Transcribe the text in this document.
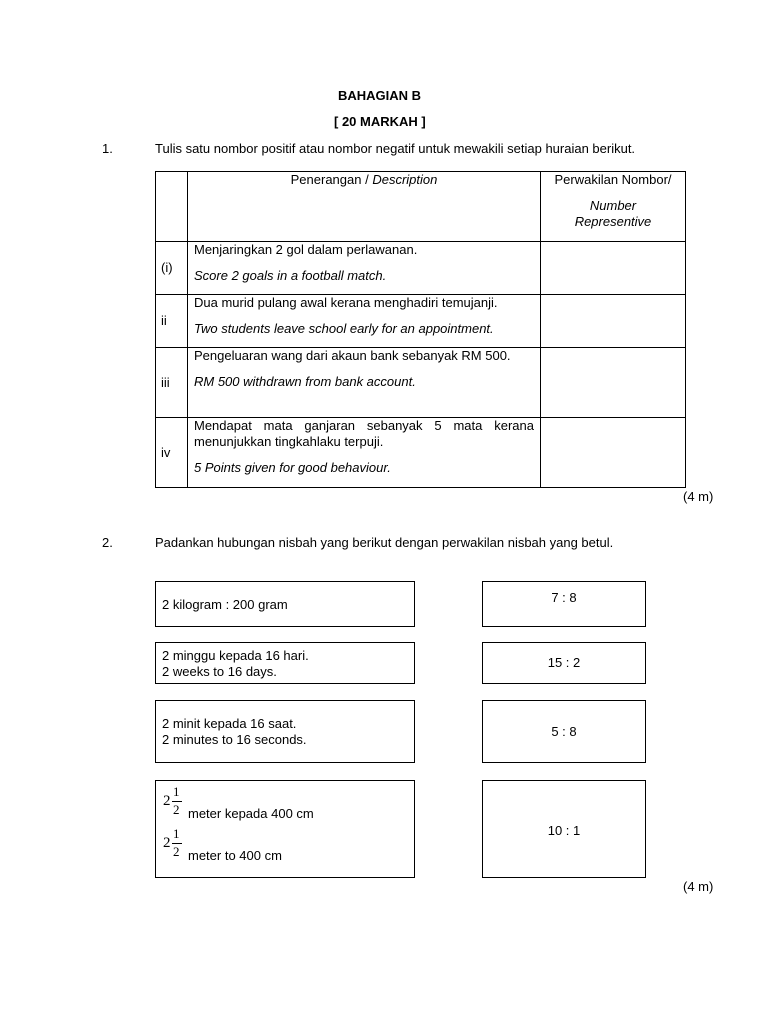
BAHAGIAN B
[ 20 MARKAH ]
1.	Tulis satu nombor positif atau nombor negatif untuk mewakili setiap huraian berikut.
	Penerangan / Description	Perwakilan Nombor/
Number
Representive

(i)	Menjaringkan 2 gol dalam perlawanan.
Score 2 goals in a football match.	

ii	Dua murid pulang awal kerana menghadiri temujanji.
Two students leave school early for an appointment.	

iii	Pengeluaran wang dari akaun bank sebanyak RM 500.
RM 500 withdrawn from bank account.	

iv	Mendapat mata ganjaran sebanyak 5 mata kerana menunjukkan tingkahlaku terpuji.
5 Points given for good behaviour.	

(4 m)
2.	Padankan hubungan nisbah yang berikut dengan perwakilan nisbah yang betul.
2 kilogram : 200 gram
2 minggu kepada 16 hari.
2 weeks to 16 days.
2 minit kepada 16 saat.
2 minutes to 16 seconds.
2
1
2 meter kepada 400 cm
2
1
2 meter to 400 cm
7 : 8
15 : 2
5 : 8
10 : 1
(4 m)
